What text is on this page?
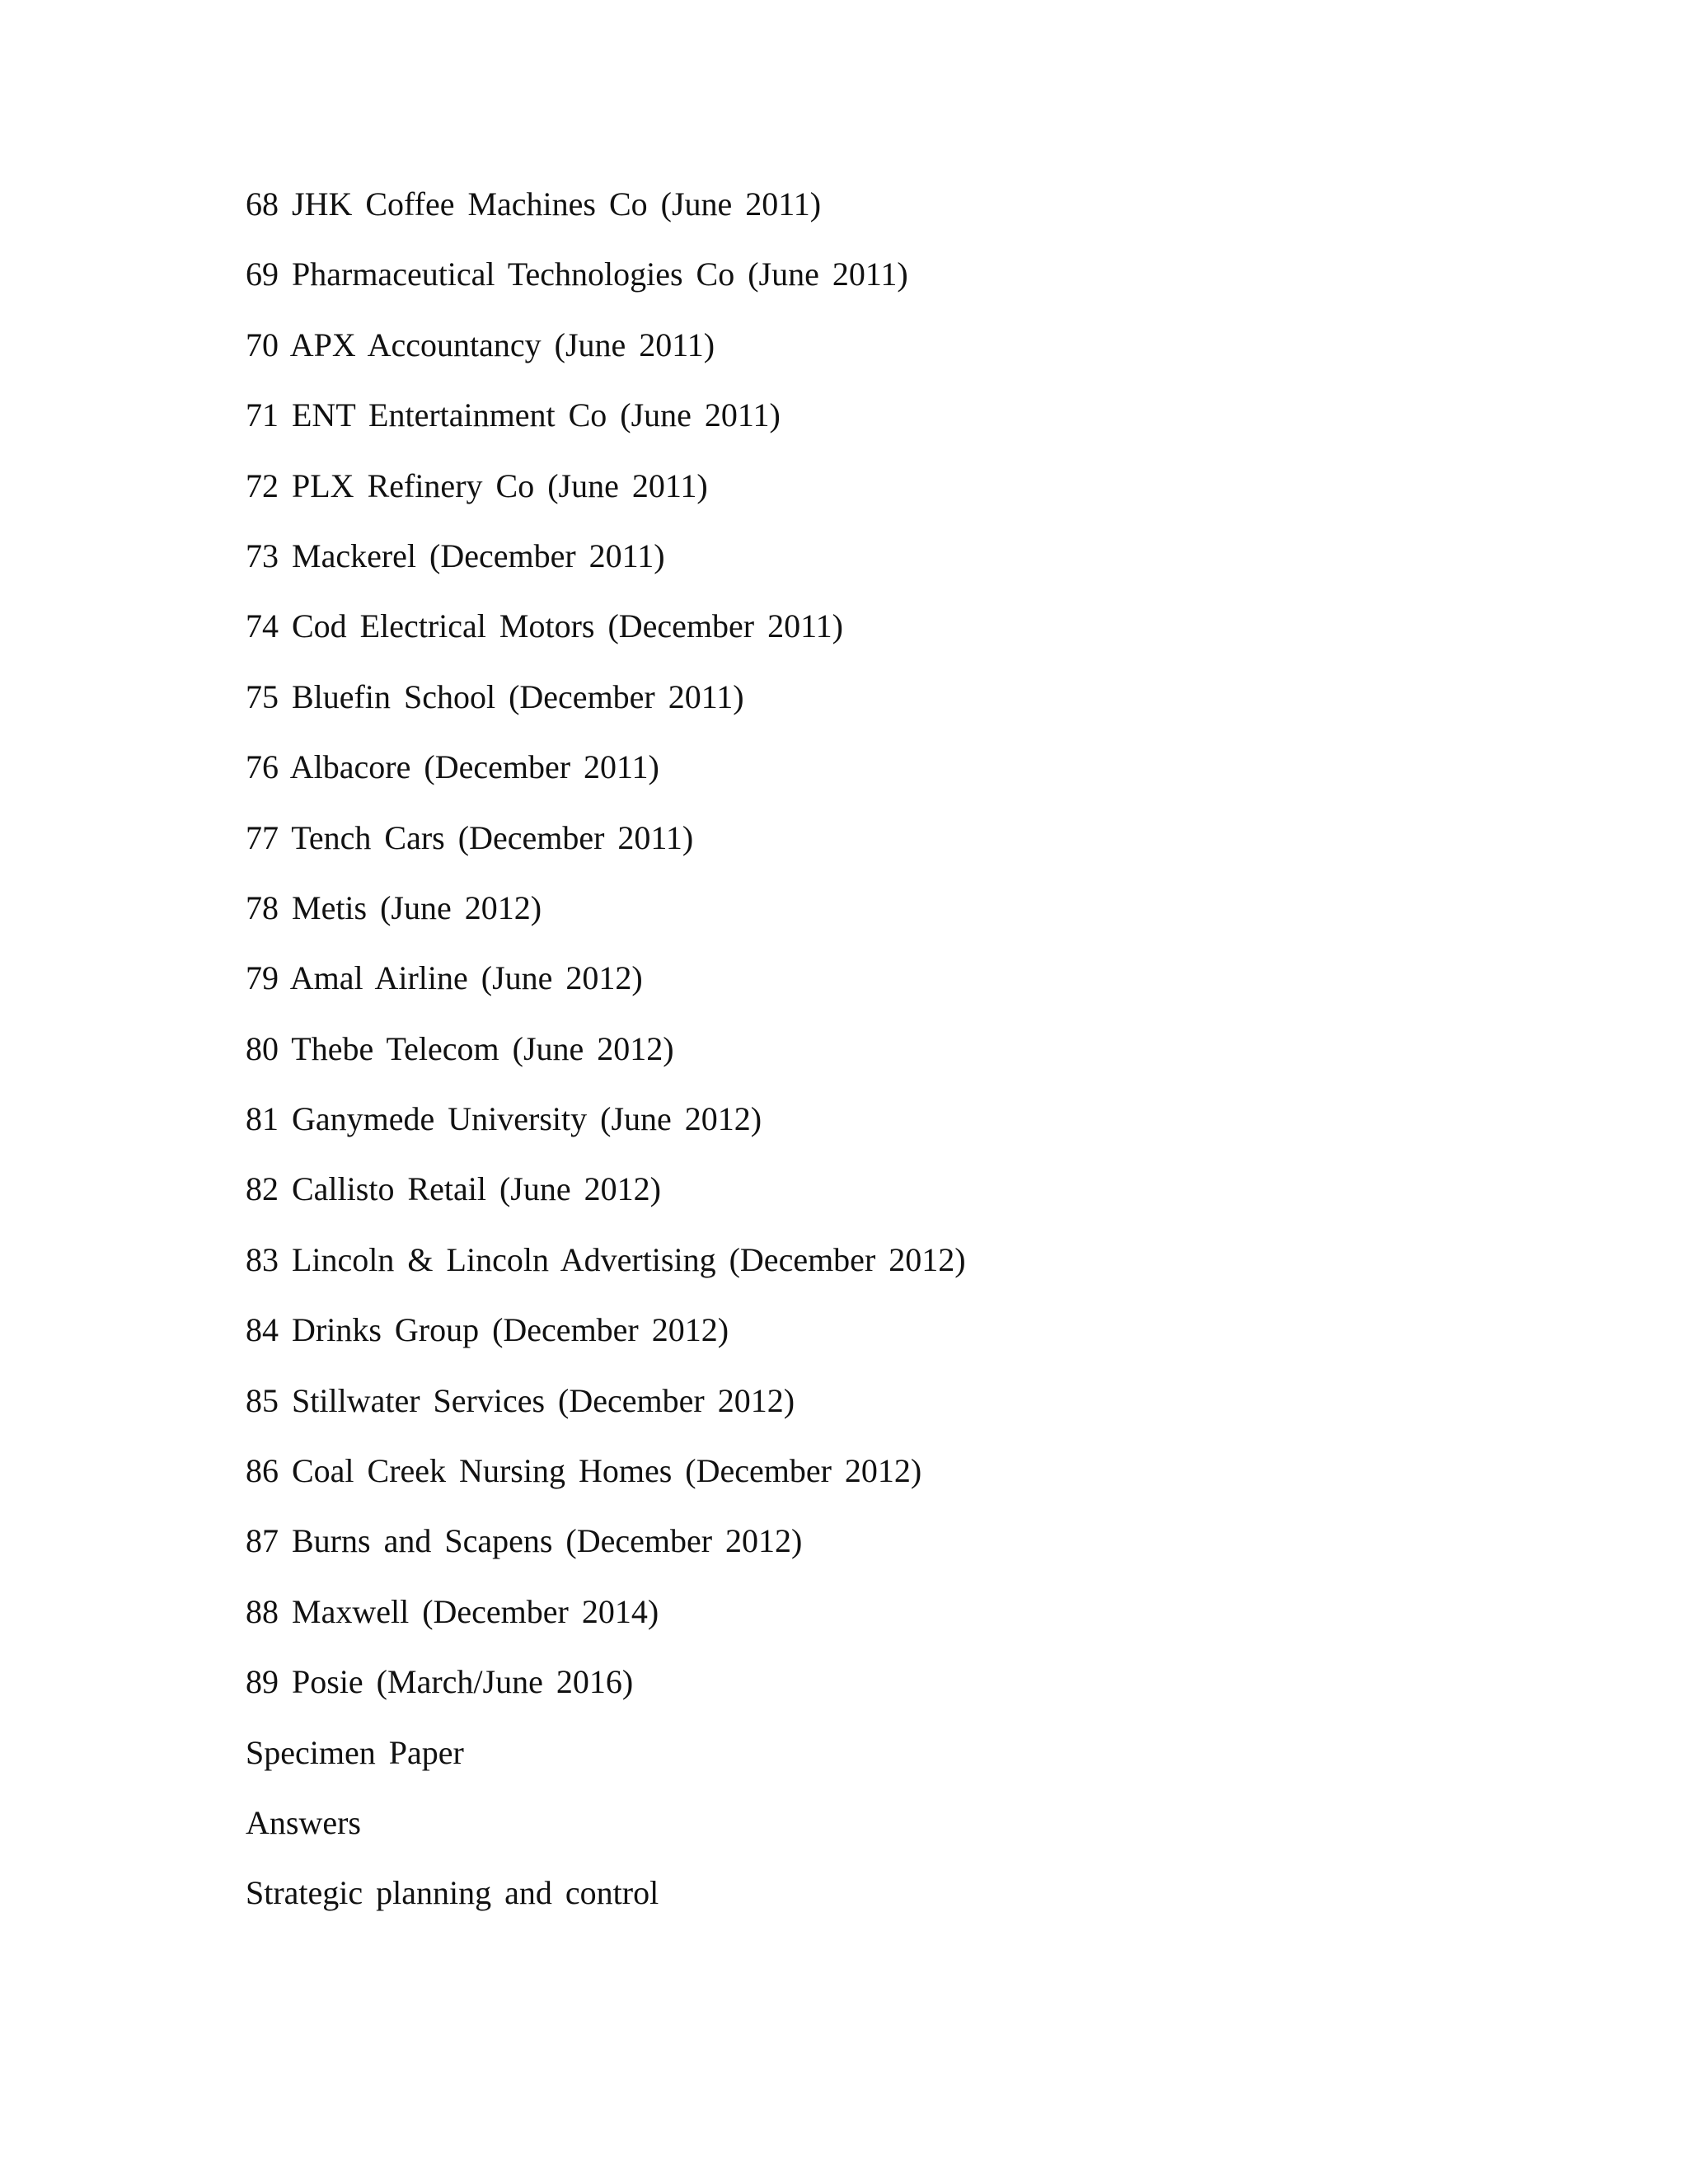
68 JHK Coffee Machines Co (June 2011)
69 Pharmaceutical Technologies Co (June 2011)
70 APX Accountancy (June 2011)
71 ENT Entertainment Co (June 2011)
72 PLX Refinery Co (June 2011)
73 Mackerel (December 2011)
74 Cod Electrical Motors (December 2011)
75 Bluefin School (December 2011)
76 Albacore (December 2011)
77 Tench Cars (December 2011)
78 Metis (June 2012)
79 Amal Airline (June 2012)
80 Thebe Telecom (June 2012)
81 Ganymede University (June 2012)
82 Callisto Retail (June 2012)
83 Lincoln & Lincoln Advertising (December 2012)
84 Drinks Group (December 2012)
85 Stillwater Services (December 2012)
86 Coal Creek Nursing Homes (December 2012)
87 Burns and Scapens (December 2012)
88 Maxwell (December 2014)
89 Posie (March/June 2016)
Specimen Paper
Answers
Strategic planning and control
